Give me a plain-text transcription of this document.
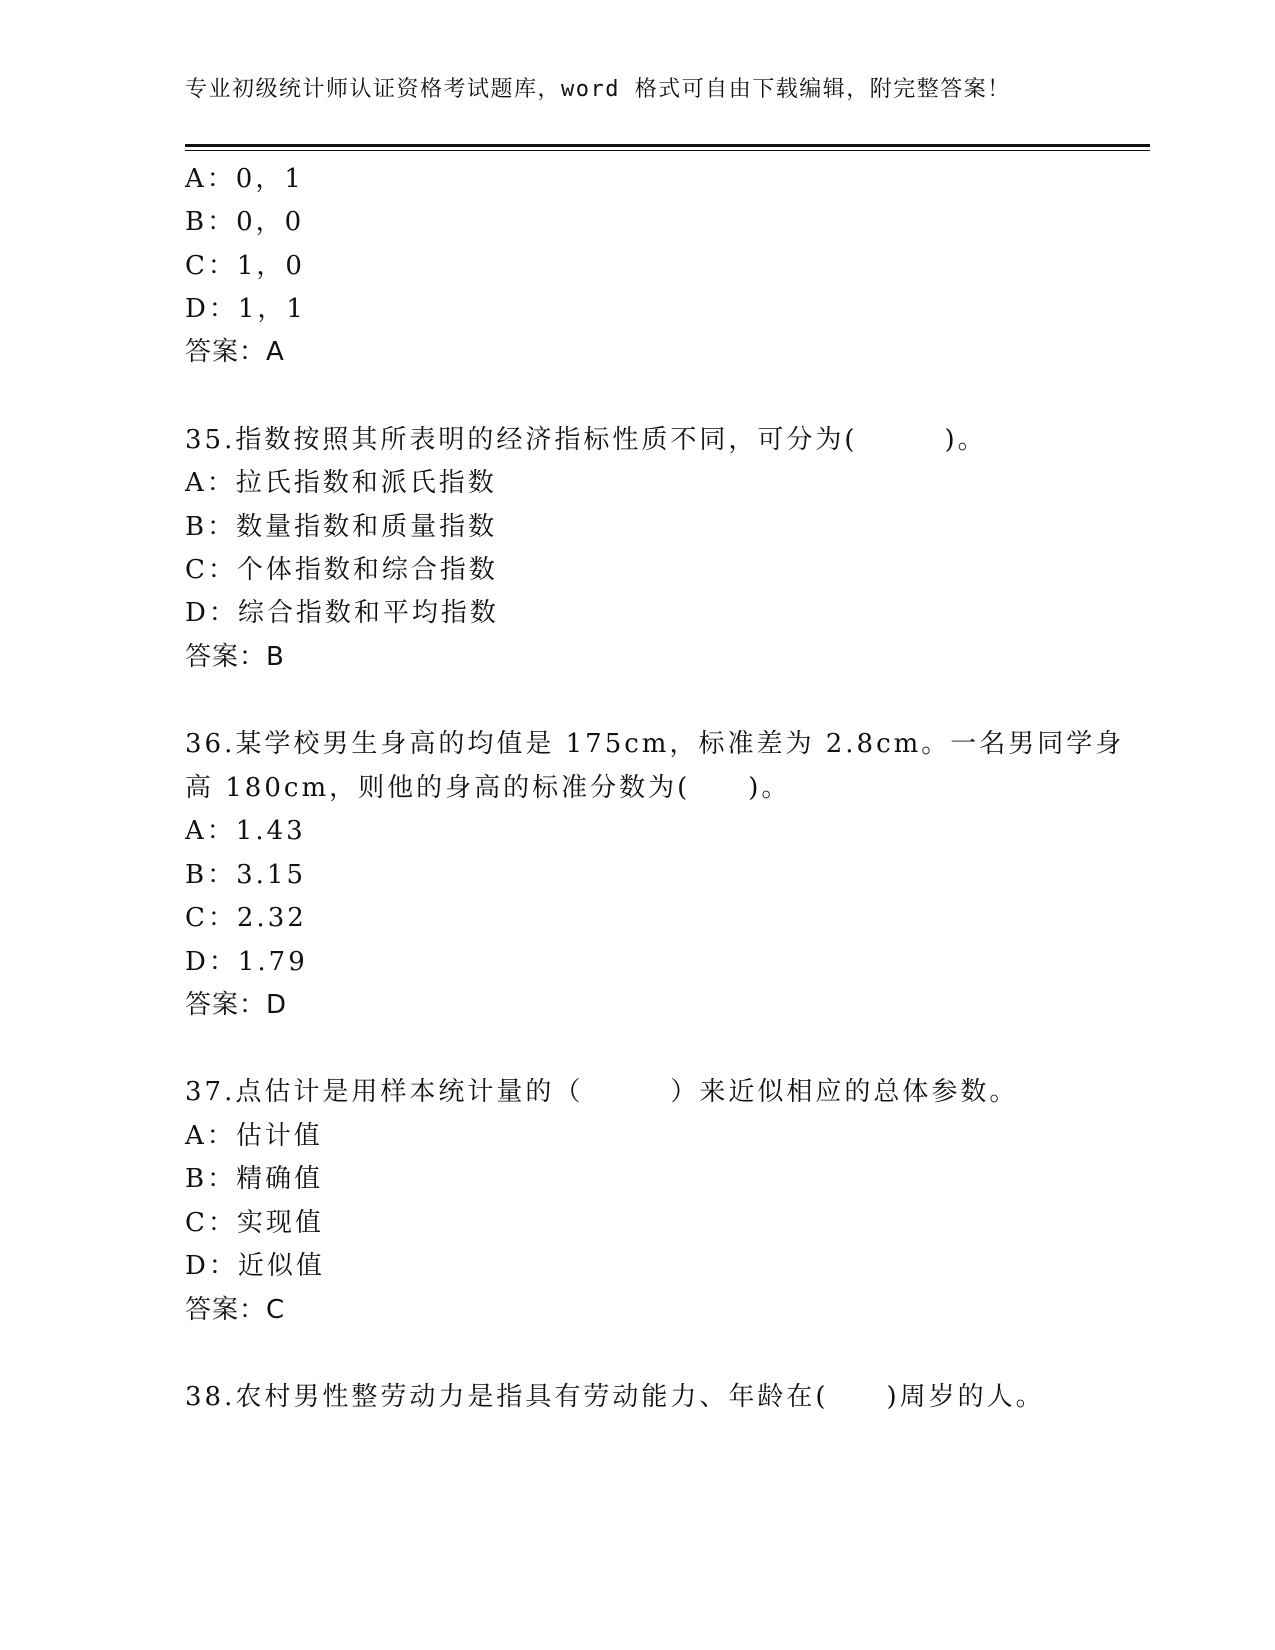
专业初级统计师认证资格考试题库，word 格式可自由下载编辑，附完整答案！
A：0，1
B：0，0
C：1，0
D：1，1
答案：A
35.指数按照其所表明的经济指标性质不同，可分为(　　　)。
A：拉氏指数和派氏指数
B：数量指数和质量指数
C：个体指数和综合指数
D：综合指数和平均指数
答案：B
36.某学校男生身高的均值是 175cm，标准差为 2.8cm。一名男同学身
高 180cm，则他的身高的标准分数为(　　)。
A：1.43
B：3.15
C：2.32
D：1.79
答案：D
37.点估计是用样本统计量的（　　　）来近似相应的总体参数。
A：估计值
B：精确值
C：实现值
D：近似值
答案：C
38.农村男性整劳动力是指具有劳动能力、年龄在(　　)周岁的人。
